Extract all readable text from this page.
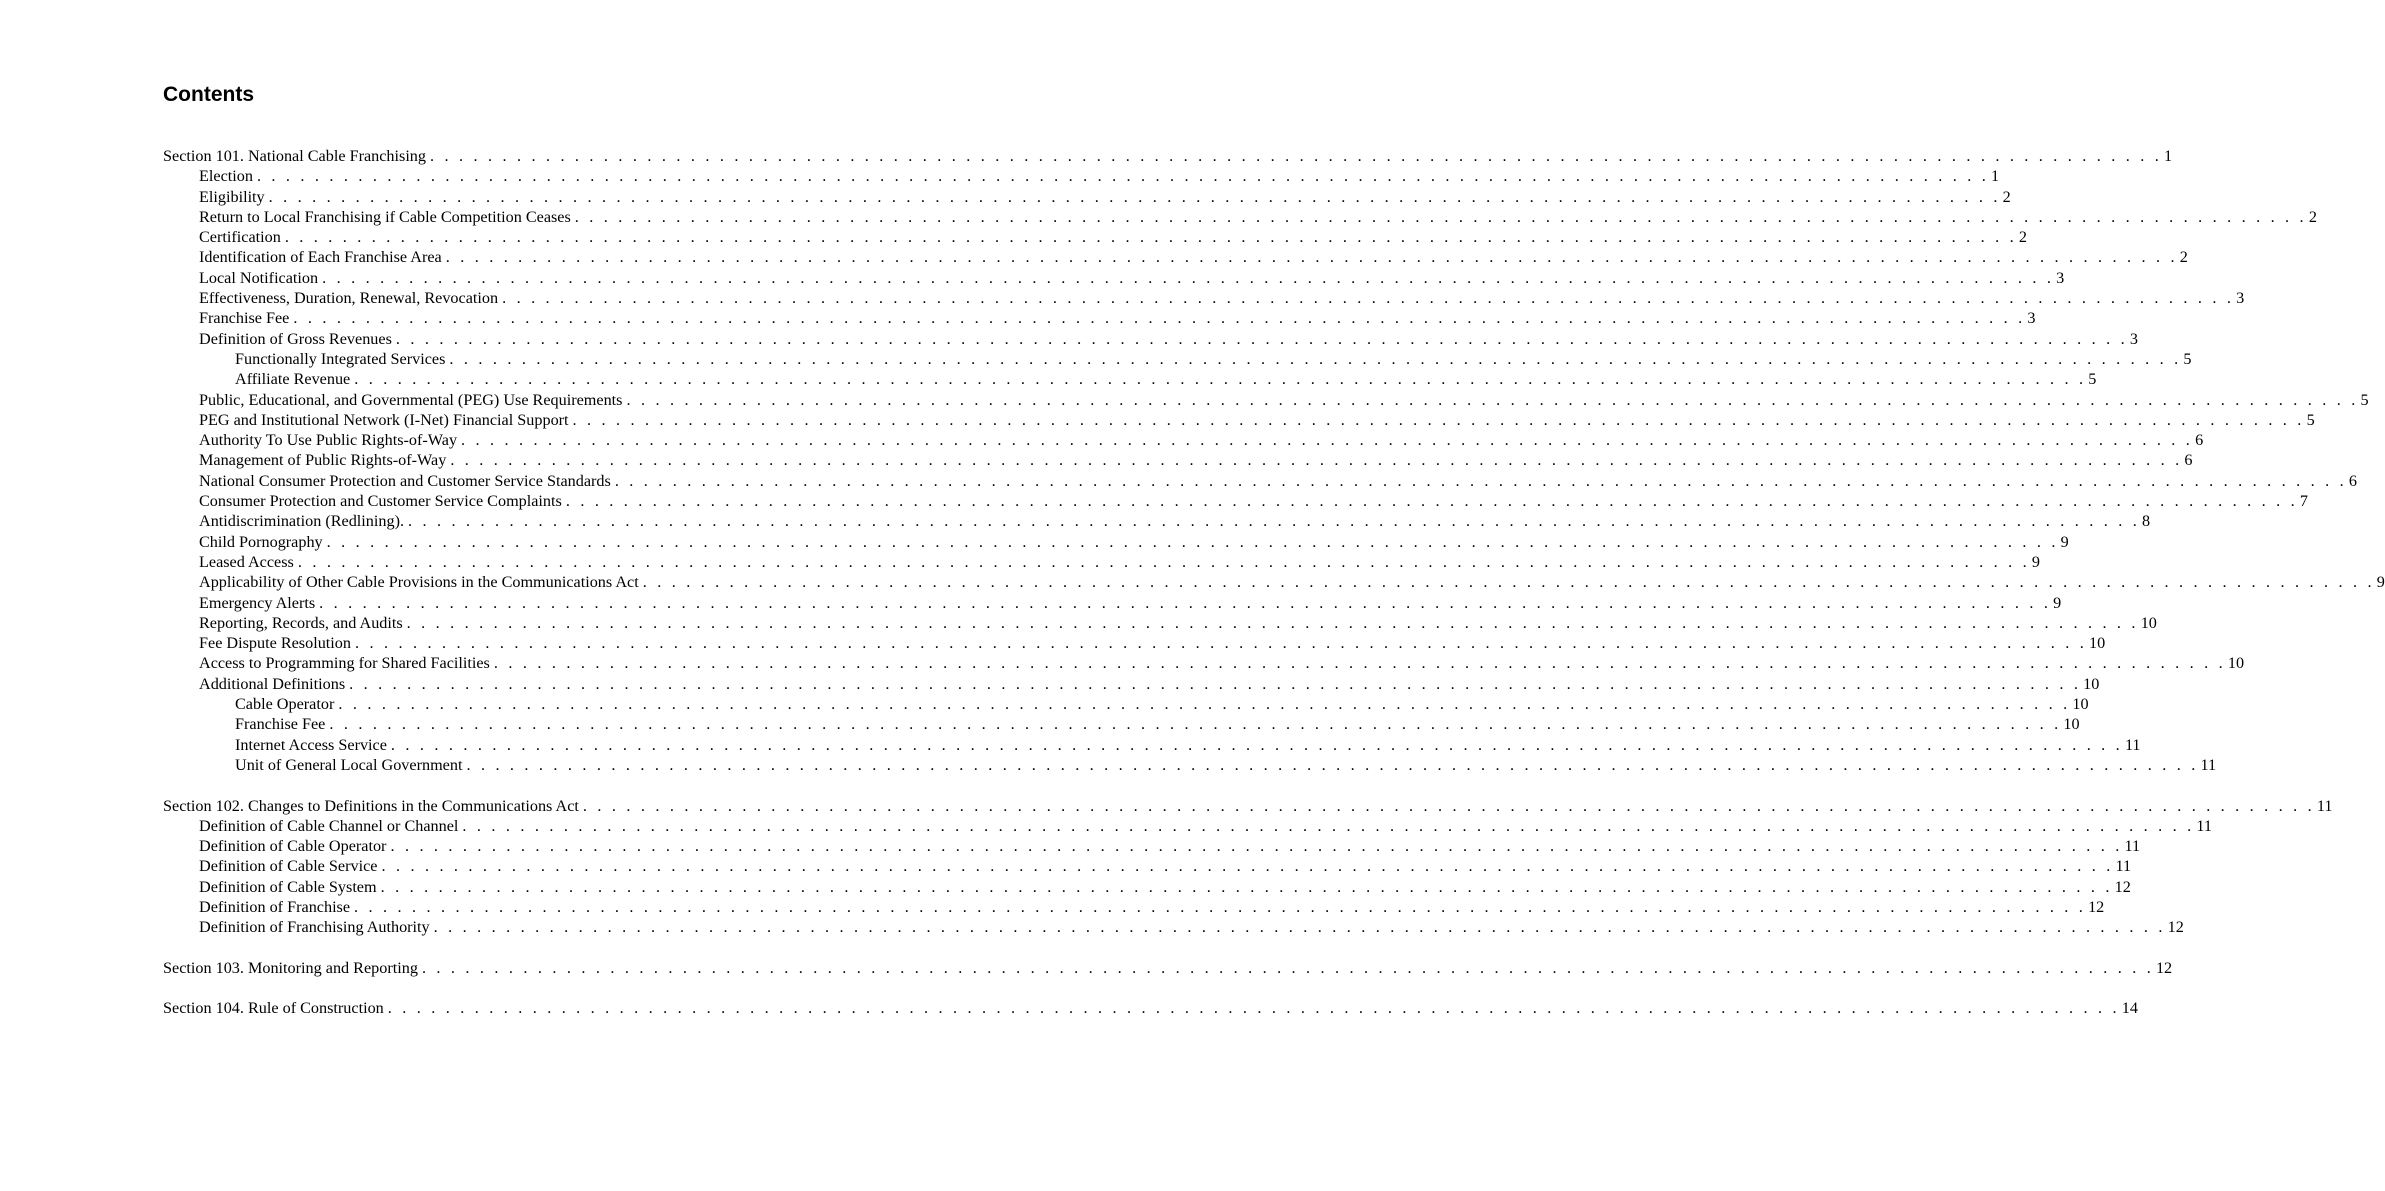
Contents
Section 101. National Cable Franchising . . . . . . . . . . . . . . . . . . . . . . . . . . . . . . . . . . . . . . . . . . . . . . . . . . . . . . . . . . . . . . . . . . . . . . . . . . . . . . . . . . . . . . . . . . . . . . . . . . . . . . . . . . . . . . . . . . . . . . . . 1
Election . . . . . . . . . . . . . . . . . . . . . . . . . . . . . . . . . . . . . . . . . . . . . . . . . . . . . . . . . . . . . . . . . . . . . . . . . . . . . . . . . . . . . . . . . . . . . . . . . . . . . . . . . . . . . . . . . . . . . . . . 1
Eligibility . . . . . . . . . . . . . . . . . . . . . . . . . . . . . . . . . . . . . . . . . . . . . . . . . . . . . . . . . . . . . . . . . . . . . . . . . . . . . . . . . . . . . . . . . . . . . . . . . . . . . . . . . . . . . . . . . . . . . . . . 2
Return to Local Franchising if Cable Competition Ceases . . . . . . . . . . . . . . . . . . . . . . . . . . . . . . . . . . . . . . . . . . . . . . . . . . . . . . . . . . . . . . . . . . . . . . . . . . . . . . . . . . . . . . . . . . . . . . . . . . . . . . . . . . . . . . . . . . . . . . . . 2
Certification . . . . . . . . . . . . . . . . . . . . . . . . . . . . . . . . . . . . . . . . . . . . . . . . . . . . . . . . . . . . . . . . . . . . . . . . . . . . . . . . . . . . . . . . . . . . . . . . . . . . . . . . . . . . . . . . . . . . . . . . 2
Identification of Each Franchise Area . . . . . . . . . . . . . . . . . . . . . . . . . . . . . . . . . . . . . . . . . . . . . . . . . . . . . . . . . . . . . . . . . . . . . . . . . . . . . . . . . . . . . . . . . . . . . . . . . . . . . . . . . . . . . . . . . . . . . . . . 2
Local Notification . . . . . . . . . . . . . . . . . . . . . . . . . . . . . . . . . . . . . . . . . . . . . . . . . . . . . . . . . . . . . . . . . . . . . . . . . . . . . . . . . . . . . . . . . . . . . . . . . . . . . . . . . . . . . . . . . . . . . . . . 3
Effectiveness, Duration, Renewal, Revocation . . . . . . . . . . . . . . . . . . . . . . . . . . . . . . . . . . . . . . . . . . . . . . . . . . . . . . . . . . . . . . . . . . . . . . . . . . . . . . . . . . . . . . . . . . . . . . . . . . . . . . . . . . . . . . . . . . . . . . . . 3
Franchise Fee . . . . . . . . . . . . . . . . . . . . . . . . . . . . . . . . . . . . . . . . . . . . . . . . . . . . . . . . . . . . . . . . . . . . . . . . . . . . . . . . . . . . . . . . . . . . . . . . . . . . . . . . . . . . . . . . . . . . . . . . 3
Definition of Gross Revenues . . . . . . . . . . . . . . . . . . . . . . . . . . . . . . . . . . . . . . . . . . . . . . . . . . . . . . . . . . . . . . . . . . . . . . . . . . . . . . . . . . . . . . . . . . . . . . . . . . . . . . . . . . . . . . . . . . . . . . . . 3
Functionally Integrated Services . . . . . . . . . . . . . . . . . . . . . . . . . . . . . . . . . . . . . . . . . . . . . . . . . . . . . . . . . . . . . . . . . . . . . . . . . . . . . . . . . . . . . . . . . . . . . . . . . . . . . . . . . . . . . . . . . . . . . . . . 5
Affiliate Revenue . . . . . . . . . . . . . . . . . . . . . . . . . . . . . . . . . . . . . . . . . . . . . . . . . . . . . . . . . . . . . . . . . . . . . . . . . . . . . . . . . . . . . . . . . . . . . . . . . . . . . . . . . . . . . . . . . . . . . . . . 5
Public, Educational, and Governmental (PEG) Use Requirements . . . . . . . . . . . . . . . . . . . . . . . . . . . . . . . . . . . . . . . . . . . . . . . . . . . . . . . . . . . . . . . . . . . . . . . . . . . . . . . . . . . . . . . . . . . . . . . . . . . . . . . . . . . . . . . . . . . . . . . . 5
PEG and Institutional Network (I-Net) Financial Support . . . . . . . . . . . . . . . . . . . . . . . . . . . . . . . . . . . . . . . . . . . . . . . . . . . . . . . . . . . . . . . . . . . . . . . . . . . . . . . . . . . . . . . . . . . . . . . . . . . . . . . . . . . . . . . . . . . . . . . . 5
Authority To Use Public Rights-of-Way . . . . . . . . . . . . . . . . . . . . . . . . . . . . . . . . . . . . . . . . . . . . . . . . . . . . . . . . . . . . . . . . . . . . . . . . . . . . . . . . . . . . . . . . . . . . . . . . . . . . . . . . . . . . . . . . . . . . . . . . 6
Management of Public Rights-of-Way . . . . . . . . . . . . . . . . . . . . . . . . . . . . . . . . . . . . . . . . . . . . . . . . . . . . . . . . . . . . . . . . . . . . . . . . . . . . . . . . . . . . . . . . . . . . . . . . . . . . . . . . . . . . . . . . . . . . . . . . 6
National Consumer Protection and Customer Service Standards . . . . . . . . . . . . . . . . . . . . . . . . . . . . . . . . . . . . . . . . . . . . . . . . . . . . . . . . . . . . . . . . . . . . . . . . . . . . . . . . . . . . . . . . . . . . . . . . . . . . . . . . . . . . . . . . . . . . . . . . 6
Consumer Protection and Customer Service Complaints . . . . . . . . . . . . . . . . . . . . . . . . . . . . . . . . . . . . . . . . . . . . . . . . . . . . . . . . . . . . . . . . . . . . . . . . . . . . . . . . . . . . . . . . . . . . . . . . . . . . . . . . . . . . . . . . . . . . . . . . 7
Antidiscrimination (Redlining). . . . . . . . . . . . . . . . . . . . . . . . . . . . . . . . . . . . . . . . . . . . . . . . . . . . . . . . . . . . . . . . . . . . . . . . . . . . . . . . . . . . . . . . . . . . . . . . . . . . . . . . . . . . . . . . . . . . . . . . . 8
Child Pornography . . . . . . . . . . . . . . . . . . . . . . . . . . . . . . . . . . . . . . . . . . . . . . . . . . . . . . . . . . . . . . . . . . . . . . . . . . . . . . . . . . . . . . . . . . . . . . . . . . . . . . . . . . . . . . . . . . . . . . . . 9
Leased Access . . . . . . . . . . . . . . . . . . . . . . . . . . . . . . . . . . . . . . . . . . . . . . . . . . . . . . . . . . . . . . . . . . . . . . . . . . . . . . . . . . . . . . . . . . . . . . . . . . . . . . . . . . . . . . . . . . . . . . . . 9
Applicability of Other Cable Provisions in the Communications Act . . . . . . . . . . . . . . . . . . . . . . . . . . . . . . . . . . . . . . . . . . . . . . . . . . . . . . . . . . . . . . . . . . . . . . . . . . . . . . . . . . . . . . . . . . . . . . . . . . . . . . . . . . . . . . . . . . . . . . . . 9
Emergency Alerts . . . . . . . . . . . . . . . . . . . . . . . . . . . . . . . . . . . . . . . . . . . . . . . . . . . . . . . . . . . . . . . . . . . . . . . . . . . . . . . . . . . . . . . . . . . . . . . . . . . . . . . . . . . . . . . . . . . . . . . . 9
Reporting, Records, and Audits . . . . . . . . . . . . . . . . . . . . . . . . . . . . . . . . . . . . . . . . . . . . . . . . . . . . . . . . . . . . . . . . . . . . . . . . . . . . . . . . . . . . . . . . . . . . . . . . . . . . . . . . . . . . . . . . . . . . . . . . 10
Fee Dispute Resolution . . . . . . . . . . . . . . . . . . . . . . . . . . . . . . . . . . . . . . . . . . . . . . . . . . . . . . . . . . . . . . . . . . . . . . . . . . . . . . . . . . . . . . . . . . . . . . . . . . . . . . . . . . . . . . . . . . . . . . . . 10
Access to Programming for Shared Facilities . . . . . . . . . . . . . . . . . . . . . . . . . . . . . . . . . . . . . . . . . . . . . . . . . . . . . . . . . . . . . . . . . . . . . . . . . . . . . . . . . . . . . . . . . . . . . . . . . . . . . . . . . . . . . . . . . . . . . . . . 10
Additional Definitions . . . . . . . . . . . . . . . . . . . . . . . . . . . . . . . . . . . . . . . . . . . . . . . . . . . . . . . . . . . . . . . . . . . . . . . . . . . . . . . . . . . . . . . . . . . . . . . . . . . . . . . . . . . . . . . . . . . . . . . . 10
Cable Operator . . . . . . . . . . . . . . . . . . . . . . . . . . . . . . . . . . . . . . . . . . . . . . . . . . . . . . . . . . . . . . . . . . . . . . . . . . . . . . . . . . . . . . . . . . . . . . . . . . . . . . . . . . . . . . . . . . . . . . . . 10
Franchise Fee . . . . . . . . . . . . . . . . . . . . . . . . . . . . . . . . . . . . . . . . . . . . . . . . . . . . . . . . . . . . . . . . . . . . . . . . . . . . . . . . . . . . . . . . . . . . . . . . . . . . . . . . . . . . . . . . . . . . . . . . 10
Internet Access Service . . . . . . . . . . . . . . . . . . . . . . . . . . . . . . . . . . . . . . . . . . . . . . . . . . . . . . . . . . . . . . . . . . . . . . . . . . . . . . . . . . . . . . . . . . . . . . . . . . . . . . . . . . . . . . . . . . . . . . . . 11
Unit of General Local Government . . . . . . . . . . . . . . . . . . . . . . . . . . . . . . . . . . . . . . . . . . . . . . . . . . . . . . . . . . . . . . . . . . . . . . . . . . . . . . . . . . . . . . . . . . . . . . . . . . . . . . . . . . . . . . . . . . . . . . . . 11
Section 102. Changes to Definitions in the Communications Act . . . . . . . . . . . . . . . . . . . . . . . . . . . . . . . . . . . . . . . . . . . . . . . . . . . . . . . . . . . . . . . . . . . . . . . . . . . . . . . . . . . . . . . . . . . . . . . . . . . . . . . . . . . . . . . . . . . . . . . . 11
Definition of Cable Channel or Channel . . . . . . . . . . . . . . . . . . . . . . . . . . . . . . . . . . . . . . . . . . . . . . . . . . . . . . . . . . . . . . . . . . . . . . . . . . . . . . . . . . . . . . . . . . . . . . . . . . . . . . . . . . . . . . . . . . . . . . . . 11
Definition of Cable Operator . . . . . . . . . . . . . . . . . . . . . . . . . . . . . . . . . . . . . . . . . . . . . . . . . . . . . . . . . . . . . . . . . . . . . . . . . . . . . . . . . . . . . . . . . . . . . . . . . . . . . . . . . . . . . . . . . . . . . . . . 11
Definition of Cable Service . . . . . . . . . . . . . . . . . . . . . . . . . . . . . . . . . . . . . . . . . . . . . . . . . . . . . . . . . . . . . . . . . . . . . . . . . . . . . . . . . . . . . . . . . . . . . . . . . . . . . . . . . . . . . . . . . . . . . . . . 11
Definition of Cable System . . . . . . . . . . . . . . . . . . . . . . . . . . . . . . . . . . . . . . . . . . . . . . . . . . . . . . . . . . . . . . . . . . . . . . . . . . . . . . . . . . . . . . . . . . . . . . . . . . . . . . . . . . . . . . . . . . . . . . . . 12
Definition of Franchise . . . . . . . . . . . . . . . . . . . . . . . . . . . . . . . . . . . . . . . . . . . . . . . . . . . . . . . . . . . . . . . . . . . . . . . . . . . . . . . . . . . . . . . . . . . . . . . . . . . . . . . . . . . . . . . . . . . . . . . . 12
Definition of Franchising Authority . . . . . . . . . . . . . . . . . . . . . . . . . . . . . . . . . . . . . . . . . . . . . . . . . . . . . . . . . . . . . . . . . . . . . . . . . . . . . . . . . . . . . . . . . . . . . . . . . . . . . . . . . . . . . . . . . . . . . . . . 12
Section 103. Monitoring and Reporting . . . . . . . . . . . . . . . . . . . . . . . . . . . . . . . . . . . . . . . . . . . . . . . . . . . . . . . . . . . . . . . . . . . . . . . . . . . . . . . . . . . . . . . . . . . . . . . . . . . . . . . . . . . . . . . . . . . . . . . . 12
Section 104. Rule of Construction . . . . . . . . . . . . . . . . . . . . . . . . . . . . . . . . . . . . . . . . . . . . . . . . . . . . . . . . . . . . . . . . . . . . . . . . . . . . . . . . . . . . . . . . . . . . . . . . . . . . . . . . . . . . . . . . . . . . . . . . 14
